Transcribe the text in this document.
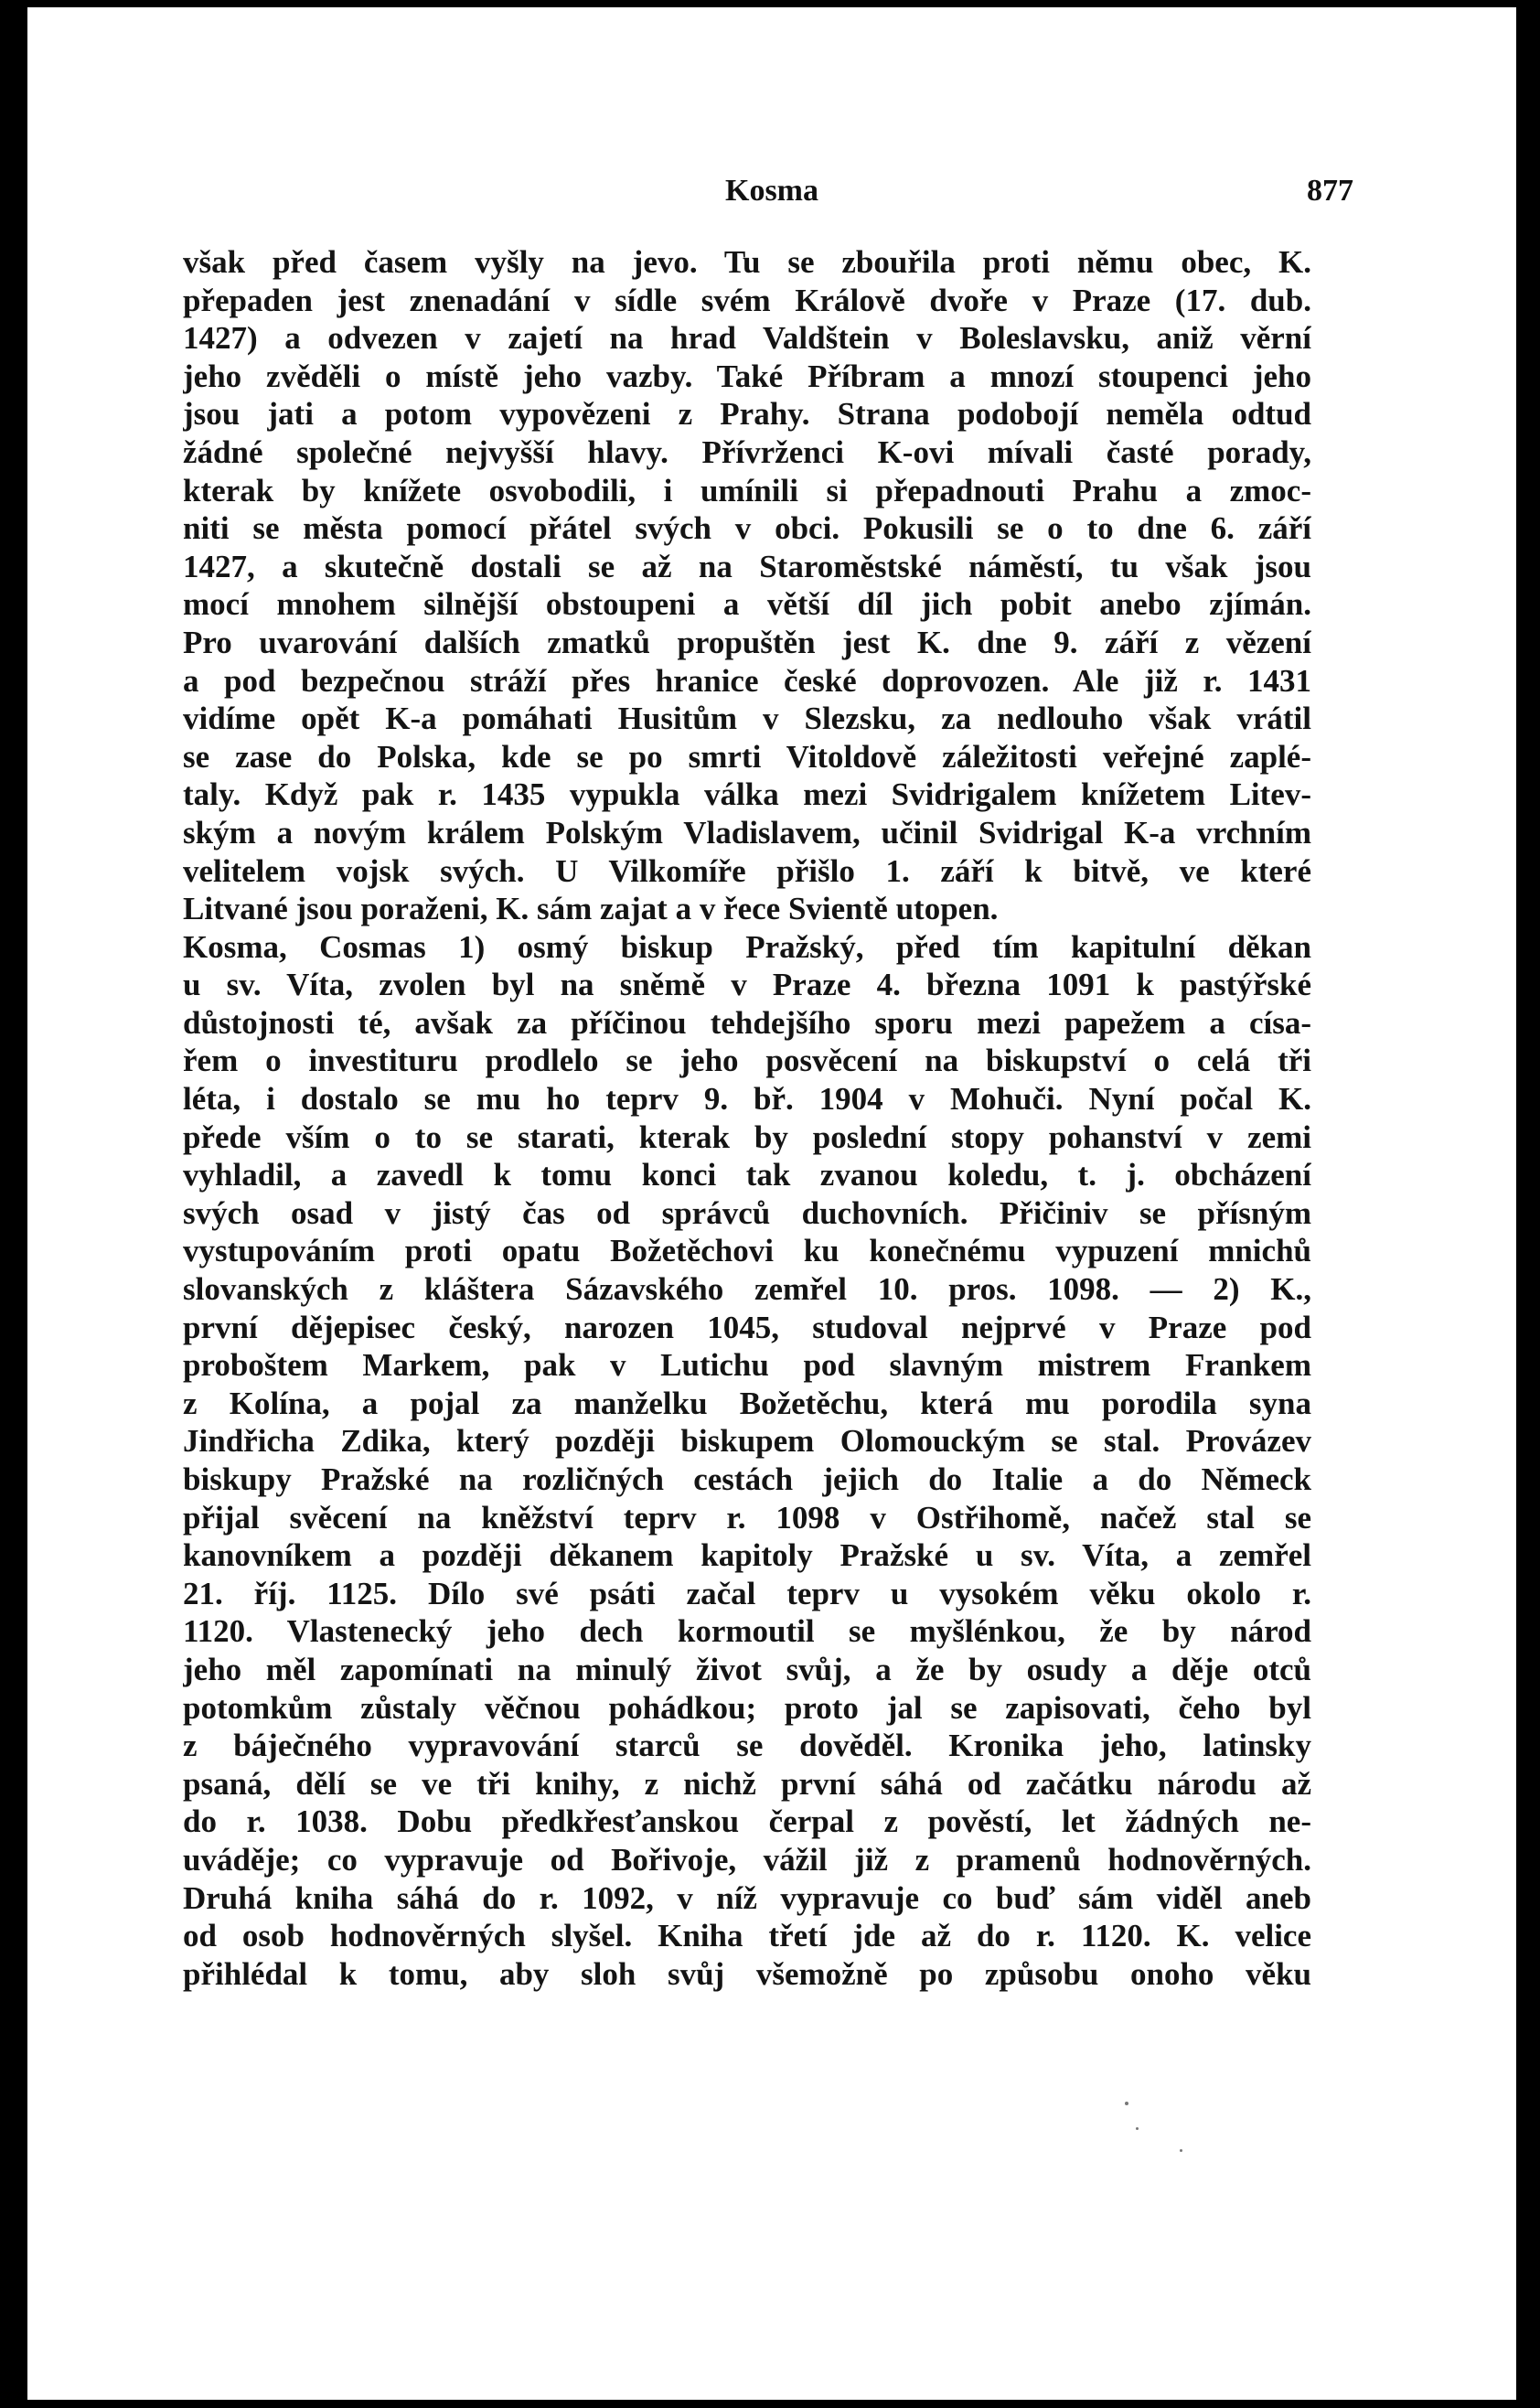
Kosma	877
však před časem vyšly na jevo. Tu se zbouřila proti němu obec, K.
přepaden jest znenadání v sídle svém Královĕ dvoře v Praze (17. dub.
1427) a odvezen v zajetí na hrad Valdštein v Boleslavsku, aniž věrní
jeho zvěděli o místě jeho vazby. Také Příbram a mnozí stoupenci jeho
jsou jati a potom vypovězeni z Prahy. Strana podobojí neměla odtud
žádné společné nejvyšší hlavy. Přívrženci K-ovi mívali časté porady,
kterak by knížete osvobodili, i umínili si přepadnouti Prahu a zmoc-
niti se města pomocí přátel svých v obci. Pokusili se o to dne 6. září
1427, a skutečně dostali se až na Staroměstské náměstí, tu však jsou
mocí mnohem silnější obstoupeni a větší díl jich pobit anebo zjímán.
Pro uvarování dalších zmatků propuštěn jest K. dne 9. září z vězení
a pod bezpečnou stráží přes hranice české doprovozen. Ale již r. 1431
vidíme opět K-a pomáhati Husitům v Slezsku, za nedlouho však vrátil
se zase do Polska, kde se po smrti Vitoldově záležitosti veřejné zaplé-
taly. Když pak r. 1435 vypukla válka mezi Svidrigalem knížetem Litev-
ským a novým králem Polským Vladislavem, učinil Svidrigal K-a vrchním
velitelem vojsk svých. U Vilkomíře přišlo 1. září k bitvě, ve které
Litvané jsou poraženi, K. sám zajat a v řece Svientě utopen.
Kosma, Cosmas 1) osmý biskup Pražský, před tím kapitulní děkan
u sv. Víta, zvolen byl na sněmě v Praze 4. března 1091 k pastýřské
důstojnosti té, avšak za příčinou tehdejšího sporu mezi papežem a císa-
řem o investituru prodlelo se jeho posvěcení na biskupství o celá tři
léta, i dostalo se mu ho teprv 9. bř. 1904 v Mohuči. Nyní počal K.
přede vším o to se starati, kterak by poslední stopy pohanství v zemi
vyhladil, a zavedl k tomu konci tak zvanou koledu, t. j. obcházení
svých osad v jistý čas od správců duchovních. Přičiniv se přísným
vystupováním proti opatu Božetěchovi ku konečnému vypuzení mnichů
slovanských z kláštera Sázavského zemřel 10. pros. 1098. — 2) K.,
první dějepisec český, narozen 1045, studoval nejprvé v Praze pod
proboštem Markem, pak v Lutichu pod slavným mistrem Frankem
z Kolína, a pojal za manželku Božetěchu, která mu porodila syna
Jindřicha Zdika, který později biskupem Olomouckým se stal. Provázev
biskupy Pražské na rozličných cestách jejich do Italie a do Německ
přijal svěcení na kněžství teprv r. 1098 v Ostřihomě, načež stal se
kanovníkem a později děkanem kapitoly Pražské u sv. Víta, a zemřel
21. říj. 1125. Dílo své psáti začal teprv u vysokém věku okolo r.
1120. Vlastenecký jeho dech kormoutil se myšlénkou, že by národ
jeho měl zapomínati na minulý život svůj, a že by osudy a děje otců
potomkům zůstaly věčnou pohádkou; proto jal se zapisovati, čeho byl
z báječného vypravování starců se dověděl. Kronika jeho, latinsky
psaná, dělí se ve tři knihy, z nichž první sáhá od začátku národu až
do r. 1038. Dobu předkřesťanskou čerpal z pověstí, let žádných ne-
uváděje; co vypravuje od Bořivoje, vážil již z pramenů hodnověrných.
Druhá kniha sáhá do r. 1092, v níž vypravuje co buď sám viděl aneb
od osob hodnověrných slyšel. Kniha třetí jde až do r. 1120. K. velice
přihlédal k tomu, aby sloh svůj všemožně po způsobu onoho věku
